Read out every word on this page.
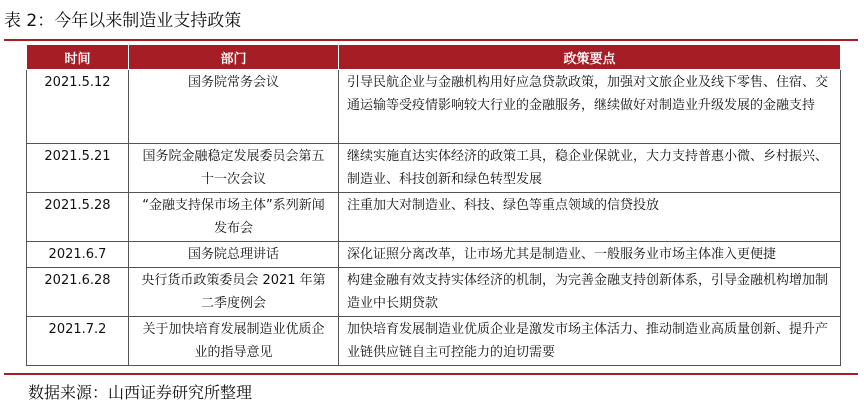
表 2：今年以来制造业支持政策
时间	部门	政策要点
2021.5.12	国务院常务会议	引导民航企业与金融机构用好应急贷款政策，加强对文旅企业及线下零售、住宿、交通运输等受疫情影响较大行业的金融服务，继续做好对制造业升级发展的金融支持
2021.5.21	国务院金融稳定发展委员会第五十一次会议	继续实施直达实体经济的政策工具，稳企业保就业，大力支持普惠小微、乡村振兴、制造业、科技创新和绿色转型发展
2021.5.28	“金融支持保市场主体”系列新闻发布会	注重加大对制造业、科技、绿色等重点领域的信贷投放
2021.6.7	国务院总理讲话	深化证照分离改革，让市场尤其是制造业、一般服务业市场主体准入更便捷
2021.6.28	央行货币政策委员会 2021 年第二季度例会	构建金融有效支持实体经济的机制，为完善金融支持创新体系，引导金融机构增加制造业中长期贷款
2021.7.2	关于加快培育发展制造业优质企业的指导意见	加快培育发展制造业优质企业是激发市场主体活力、推动制造业高质量创新、提升产业链供应链自主可控能力的迫切需要
数据来源：山西证券研究所整理
